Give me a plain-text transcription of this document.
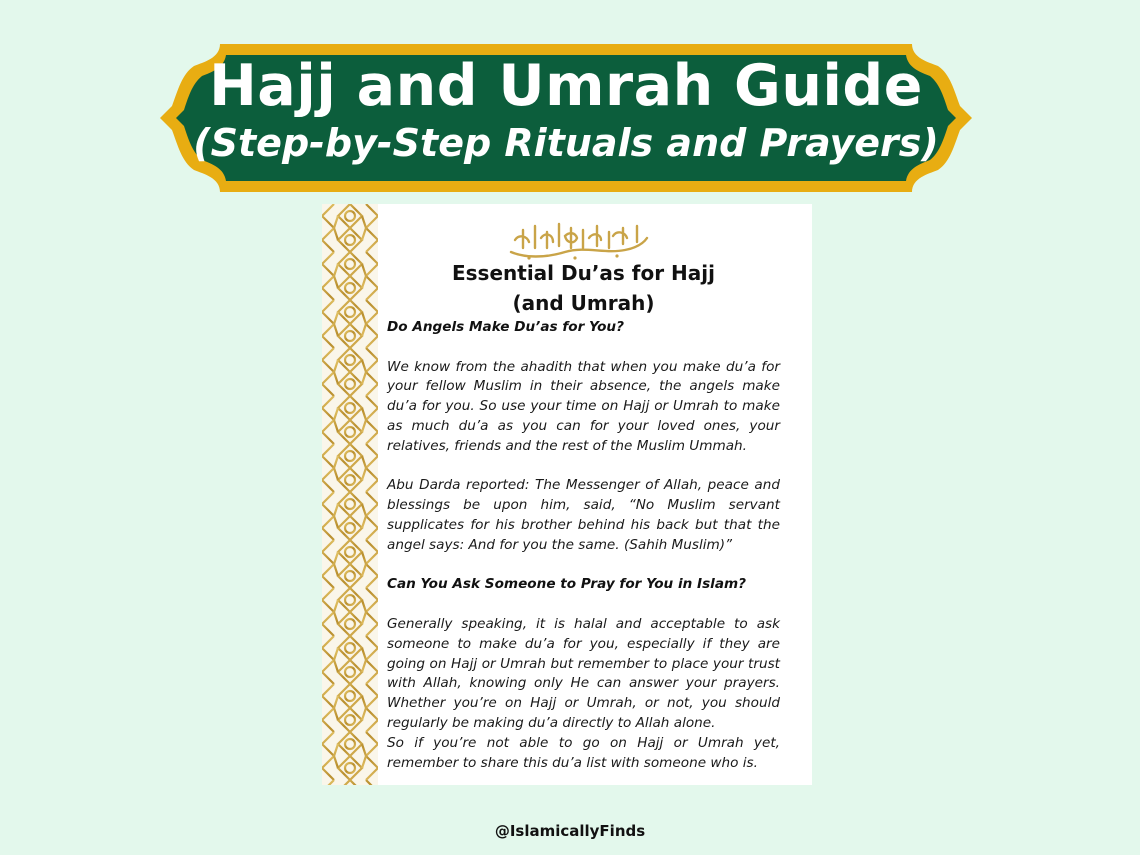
Hajj and Umrah Guide
(Step-by-Step Rituals and Prayers)
Essential Du’as for Hajj
(and Umrah)

Do Angels Make Du’as for You?

We know from the ahadith that when you make du’a for your fellow Muslim in their absence, the angels make du’a for you. So use your time on Hajj or Umrah to make as much du’a as you can for your loved ones, your relatives, friends and the rest of the Muslim Ummah.

Abu Darda reported: The Messenger of Allah, peace and blessings be upon him, said, “No Muslim servant supplicates for his brother behind his back but that the angel says: And for you the same. (Sahih Muslim)”

Can You Ask Someone to Pray for You in Islam?

Generally speaking, it is halal and acceptable to ask someone to make du’a for you, especially if they are going on Hajj or Umrah but remember to place your trust with Allah, knowing only He can answer your prayers. Whether you’re on Hajj or Umrah, or not, you should regularly be making du’a directly to Allah alone.

So if you’re not able to go on Hajj or Umrah yet, remember to share this du’a list with someone who is.

@IslamicallyFinds
